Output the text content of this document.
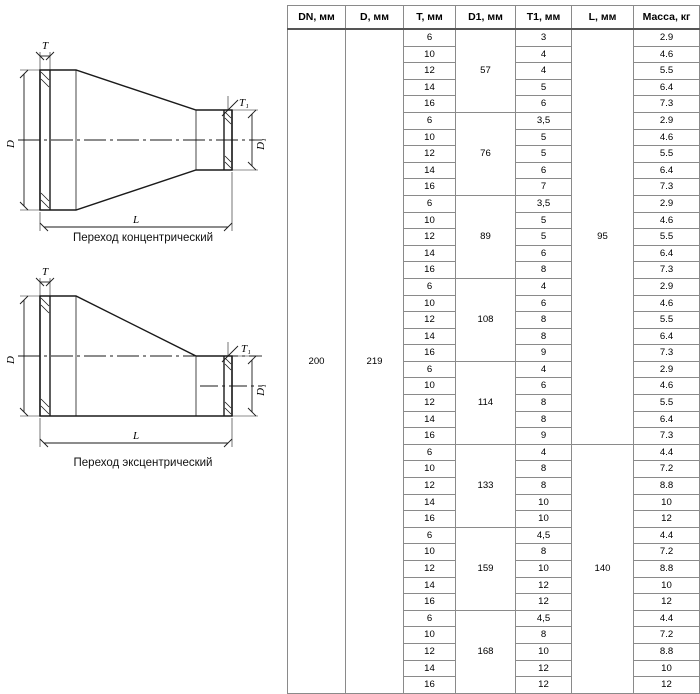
D	D₁
T
T₁
L
Переход концентрический
D
D₁
T
T₁
L
Переход эксцентрический
DN, мм	D, мм	T, мм	D1, мм	T1, мм	L, мм	Масса, кг
200	219	6	57	3	95	2.9
		10		4		4.6
		12		4		5.5
		14		5		6.4
		16		6		7.3
		6	76	3,5		2.9
		10		5		4.6
		12		5		5.5
		14		6		6.4
		16		7		7.3
		6	89	3,5		2.9
		10		5		4.6
		12		5		5.5
		14		6		6.4
		16		8		7.3
		6	108	4		2.9
		10		6		4.6
		12		8		5.5
		14		8		6.4
		16		9		7.3
		6	114	4		2.9
		10		6		4.6
		12		8		5.5
		14		8		6.4
		16		9		7.3
		6	133	4	140	4.4
		10		8		7.2
		12		8		8.8
		14		10		10
		16		10		12
		6	159	4,5		4.4
		10		8		7.2
		12		10		8.8
		14		12		10
		16		12		12
		6	168	4,5		4.4
		10		8		7.2
		12		10		8.8
		14		12		10
		16		12		12
